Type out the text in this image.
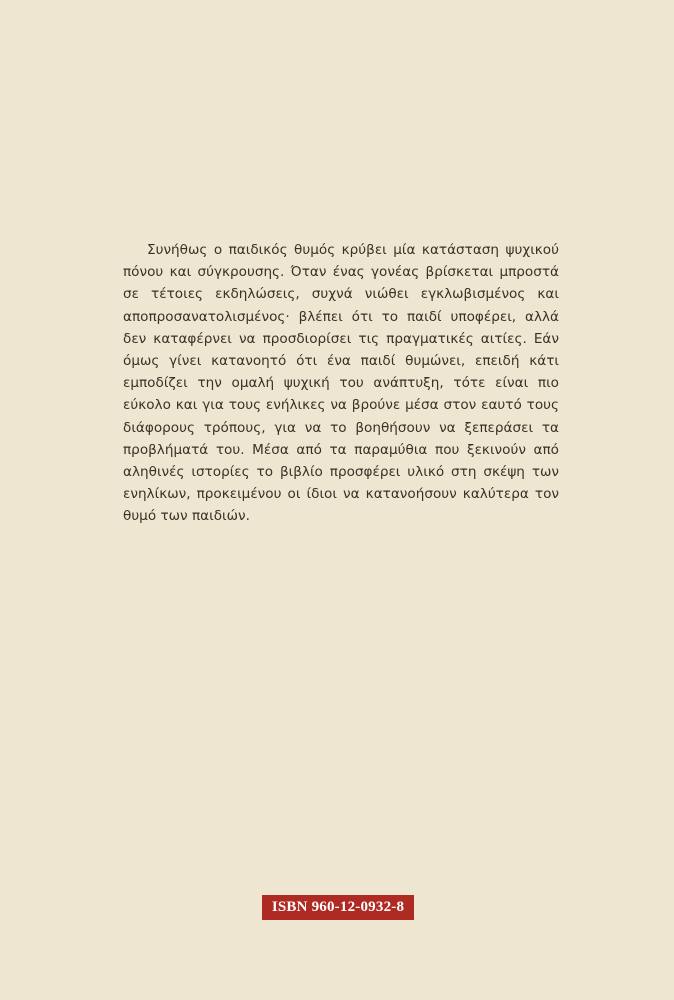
Συνήθως ο παιδικός θυμός κρύβει μία κατάσταση ψυχικού πόνου και σύγκρουσης. Όταν ένας γονέας βρίσκεται μπροστά σε τέτοιες εκδηλώσεις, συχνά νιώθει εγκλωβισμένος και αποπροσανατολισμένος· βλέπει ότι το παιδί υποφέρει, αλλά δεν καταφέρνει να προσδιορίσει τις πραγματικές αιτίες. Εάν όμως γίνει κατανοητό ότι ένα παιδί θυμώνει, επειδή κάτι εμποδίζει την ομαλή ψυχική του ανάπτυξη, τότε είναι πιο εύκολο και για τους ενήλικες να βρούνε μέσα στον εαυτό τους διάφορους τρόπους, για να το βοηθήσουν να ξεπεράσει τα προβλήματά του. Μέσα από τα παραμύθια που ξεκινούν από αληθινές ιστορίες το βιβλίο προσφέρει υλικό στη σκέψη των ενηλίκων, προκειμένου οι ίδιοι να κατανοήσουν καλύτερα τον θυμό των παιδιών.

ISBN 960-12-0932-8
